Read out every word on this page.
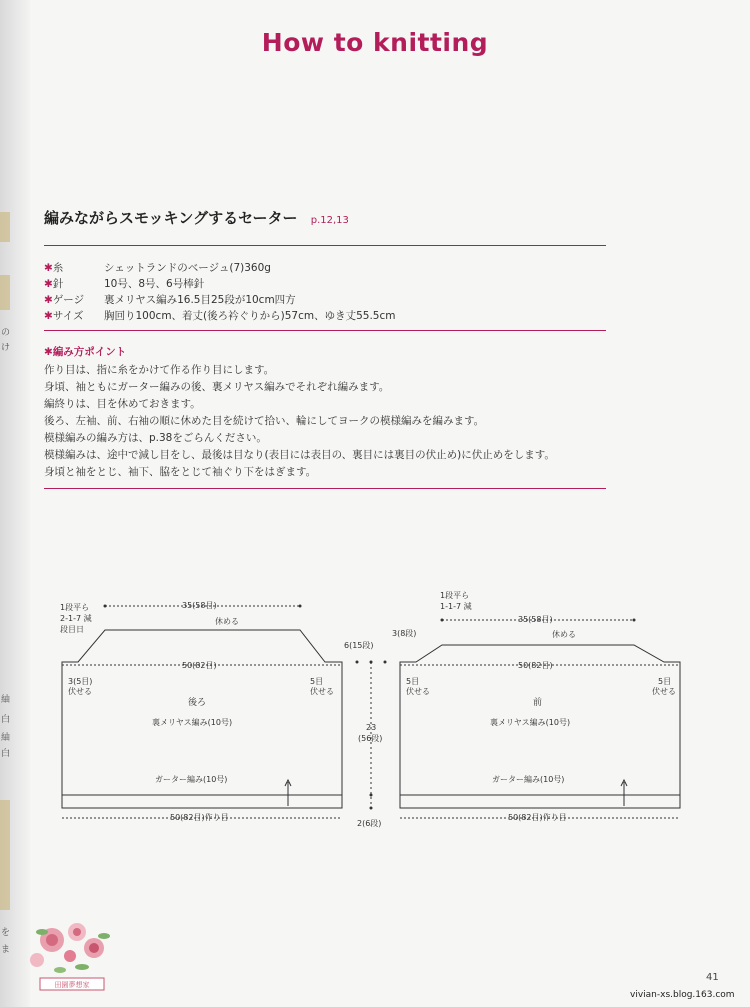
の
け
紬
白
紬
白
を
ま
How to knitting
編みながらスモッキングするセーター p.12,13
✱糸	シェットランドのベージュ(7)360g
✱針	10号、8号、6号棒針
✱ゲージ 裏メリヤス編み16.5目25段が10cm四方
✱サイズ 胸回り100cm、着丈(後ろ衿ぐりから)57cm、ゆき丈55.5cm
✱編み方ポイント
作り目は、指に糸をかけて作る作り目にします。
身頃、袖ともにガーター編みの後、裏メリヤス編みでそれぞれ編みます。
編終りは、目を休めておきます。
後ろ、左袖、前、右袖の順に休めた目を続けて拾い、輪にしてヨークの模様編みを編みます。
模様編みの編み方は、p.38をごらんください。
模様編みは、途中で減し目をし、最後は目なり(表目には表目の、裏目には裏目の伏止め)に伏止めをします。
身頃と袖をとじ、袖下、脇をとじて袖ぐり下をはぎます。
1段平ら
2-1-7 減
段目日
35(58目)
休める
50(82目)
3(5目)
伏せる
5目
伏せる
後ろ
裏メリヤス編み(10号)
ガーター編み(10号)
50(82目)作り目
6(15段)
3(8段)
23
(56段)
2(6段)
1段平ら
1-1-7 減
35(58目)
休める
50(82目)
5目
伏せる
5目
伏せる
前
裏メリヤス編み(10号)
ガーター編み(10号)
50(82目)作り目
田園夢想家
41
vivian-xs.blog.163.com
